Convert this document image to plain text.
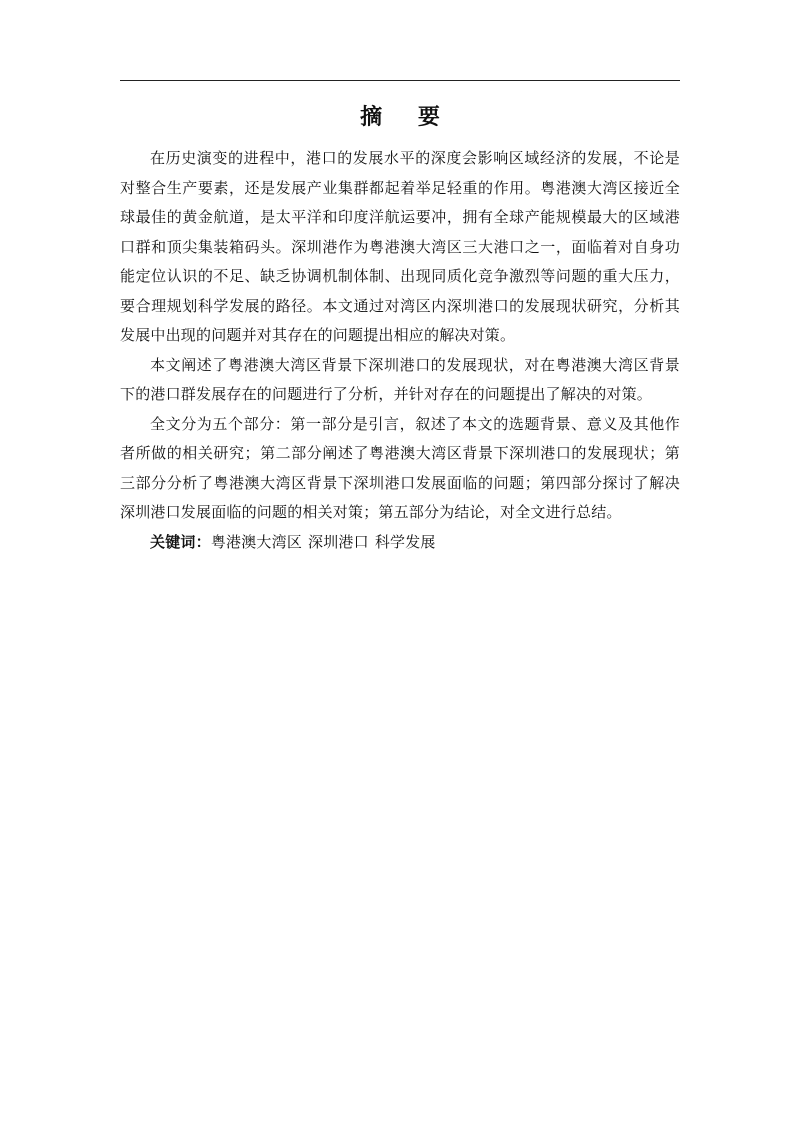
摘 要

在历史演变的进程中，港口的发展水平的深度会影响区域经济的发展，不论是对整合生产要素，还是发展产业集群都起着举足轻重的作用。粤港澳大湾区接近全球最佳的黄金航道，是太平洋和印度洋航运要冲，拥有全球产能规模最大的区域港口群和顶尖集装箱码头。深圳港作为粤港澳大湾区三大港口之一，面临着对自身功能定位认识的不足、缺乏协调机制体制、出现同质化竞争激烈等问题的重大压力，要合理规划科学发展的路径。本文通过对湾区内深圳港口的发展现状研究，分析其发展中出现的问题并对其存在的问题提出相应的解决对策。

本文阐述了粤港澳大湾区背景下深圳港口的发展现状，对在粤港澳大湾区背景下的港口群发展存在的问题进行了分析，并针对存在的问题提出了解决的对策。

全文分为五个部分：第一部分是引言，叙述了本文的选题背景、意义及其他作者所做的相关研究；第二部分阐述了粤港澳大湾区背景下深圳港口的发展现状；第三部分分析了粤港澳大湾区背景下深圳港口发展面临的问题；第四部分探讨了解决深圳港口发展面临的问题的相关对策；第五部分为结论，对全文进行总结。

关键词：粤港澳大湾区 深圳港口 科学发展
